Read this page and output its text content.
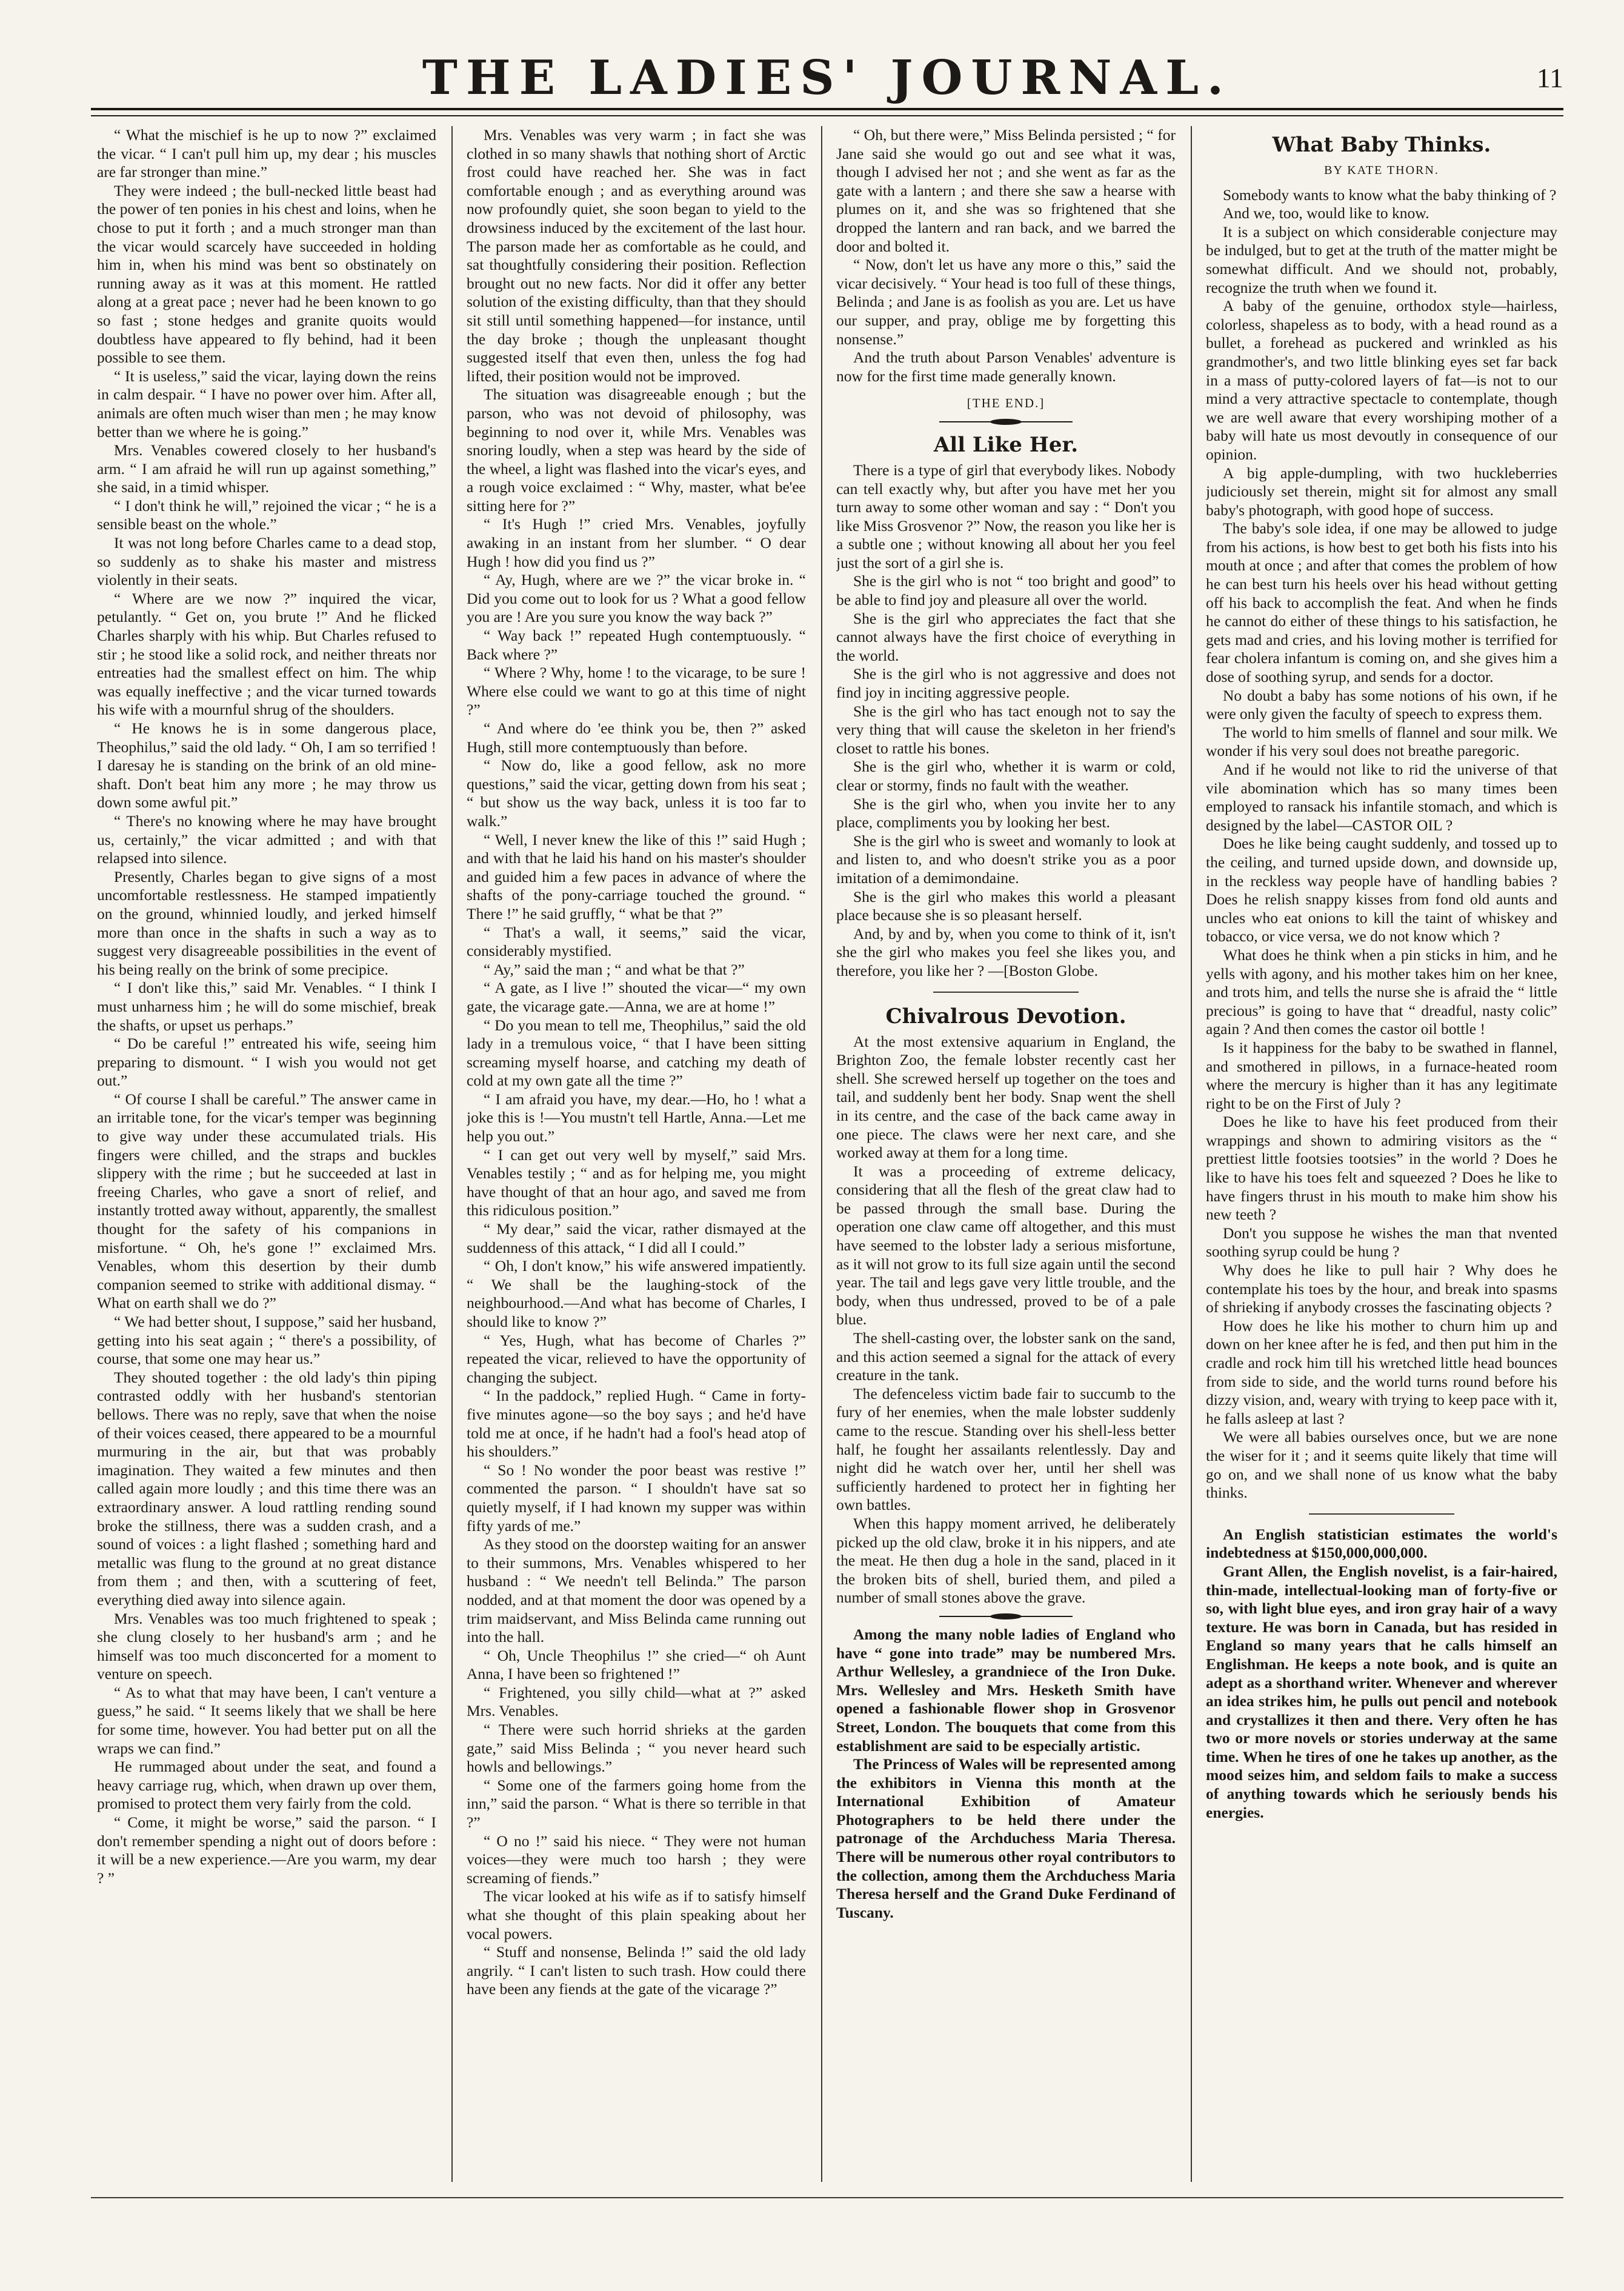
THE LADIES' JOURNAL.	11

“ What the mischief is he up to now ?” exclaimed the vicar. “ I can't pull him up, my dear ; his muscles are far stronger than mine.”

They were indeed ; the bull-necked little beast had the power of ten ponies in his chest and loins, when he chose to put it forth ; and a much stronger man than the vicar would scarcely have succeeded in holding him in, when his mind was bent so obstinately on running away as it was at this moment. He rattled along at a great pace ; never had he been known to go so fast ; stone hedges and granite quoits would doubtless have appeared to fly behind, had it been possible to see them.

“ It is useless,” said the vicar, laying down the reins in calm despair. “ I have no power over him. After all, animals are often much wiser than men ; he may know better than we where he is going.”

Mrs. Venables cowered closely to her husband's arm. “ I am afraid he will run up against something,” she said, in a timid whisper.

“ I don't think he will,” rejoined the vicar ; “ he is a sensible beast on the whole.”

It was not long before Charles came to a dead stop, so suddenly as to shake his master and mistress violently in their seats.

“ Where are we now ?” inquired the vicar, petulantly. “ Get on, you brute !” And he flicked Charles sharply with his whip. But Charles refused to stir ; he stood like a solid rock, and neither threats nor entreaties had the smallest effect on him. The whip was equally ineffective ; and the vicar turned towards his wife with a mournful shrug of the shoulders.

“ He knows he is in some dangerous place, Theophilus,” said the old lady. “ Oh, I am so terrified ! I daresay he is standing on the brink of an old mine-shaft. Don't beat him any more ; he may throw us down some awful pit.”

“ There's no knowing where he may have brought us, certainly,” the vicar admitted ; and with that relapsed into silence.

Presently, Charles began to give signs of a most uncomfortable restlessness. He stamped impatiently on the ground, whinnied loudly, and jerked himself more than once in the shafts in such a way as to suggest very disagreeable possibilities in the event of his being really on the brink of some precipice.

“ I don't like this,” said Mr. Venables. “ I think I must unharness him ; he will do some mischief, break the shafts, or upset us perhaps.”

“ Do be careful !” entreated his wife, seeing him preparing to dismount. “ I wish you would not get out.”

“ Of course I shall be careful.” The answer came in an irritable tone, for the vicar's temper was beginning to give way under these accumulated trials. His fingers were chilled, and the straps and buckles slippery with the rime ; but he succeeded at last in freeing Charles, who gave a snort of relief, and instantly trotted away without, apparently, the smallest thought for the safety of his companions in misfortune. “ Oh, he's gone !” exclaimed Mrs. Venables, whom this desertion by their dumb companion seemed to strike with additional dismay. “ What on earth shall we do ?”

“ We had better shout, I suppose,” said her husband, getting into his seat again ; “ there's a possibility, of course, that some one may hear us.”

They shouted together : the old lady's thin piping contrasted oddly with her husband's stentorian bellows. There was no reply, save that when the noise of their voices ceased, there appeared to be a mournful murmuring in the air, but that was probably imagination. They waited a few minutes and then called again more loudly ; and this time there was an extraordinary answer. A loud rattling rending sound broke the stillness, there was a sudden crash, and a sound of voices : a light flashed ; something hard and metallic was flung to the ground at no great distance from them ; and then, with a scuttering of feet, everything died away into silence again.

Mrs. Venables was too much frightened to speak ; she clung closely to her husband's arm ; and he himself was too much disconcerted for a moment to venture on speech.

“ As to what that may have been, I can't venture a guess,” he said. “ It seems likely that we shall be here for some time, however. You had better put on all the wraps we can find.”

He rummaged about under the seat, and found a heavy carriage rug, which, when drawn up over them, promised to protect them very fairly from the cold.

“ Come, it might be worse,” said the parson. “ I don't remember spending a night out of doors before : it will be a new experience.—Are you warm, my dear ? ”

Mrs. Venables was very warm ; in fact she was clothed in so many shawls that nothing short of Arctic frost could have reached her. She was in fact comfortable enough ; and as everything around was now profoundly quiet, she soon began to yield to the drowsiness induced by the excitement of the last hour. The parson made her as comfortable as he could, and sat thoughtfully considering their position. Reflection brought out no new facts. Nor did it offer any better solution of the existing difficulty, than that they should sit still until something happened—for instance, until the day broke ; though the unpleasant thought suggested itself that even then, unless the fog had lifted, their position would not be improved.

The situation was disagreeable enough ; but the parson, who was not devoid of philosophy, was beginning to nod over it, while Mrs. Venables was snoring loudly, when a step was heard by the side of the wheel, a light was flashed into the vicar's eyes, and a rough voice exclaimed : “ Why, master, what be'ee sitting here for ?”

“ It's Hugh !” cried Mrs. Venables, joyfully awaking in an instant from her slumber. “ O dear Hugh ! how did you find us ?”

“ Ay, Hugh, where are we ?” the vicar broke in. “ Did you come out to look for us ? What a good fellow you are ! Are you sure you know the way back ?”

“ Way back !” repeated Hugh contemptuously. “ Back where ?”

“ Where ? Why, home ! to the vicarage, to be sure ! Where else could we want to go at this time of night ?”

“ And where do 'ee think you be, then ?” asked Hugh, still more contemptuously than before.

“ Now do, like a good fellow, ask no more questions,” said the vicar, getting down from his seat ; “ but show us the way back, unless it is too far to walk.”

“ Well, I never knew the like of this !” said Hugh ; and with that he laid his hand on his master's shoulder and guided him a few paces in advance of where the shafts of the pony-carriage touched the ground. “ There !” he said gruffly, “ what be that ?”

“ That's a wall, it seems,” said the vicar, considerably mystified.

“ Ay,” said the man ; “ and what be that ?”

“ A gate, as I live !” shouted the vicar—“ my own gate, the vicarage gate.—Anna, we are at home !”

“ Do you mean to tell me, Theophilus,” said the old lady in a tremulous voice, “ that I have been sitting screaming myself hoarse, and catching my death of cold at my own gate all the time ?”

“ I am afraid you have, my dear.—Ho, ho ! what a joke this is !—You mustn't tell Hartle, Anna.—Let me help you out.”

“ I can get out very well by myself,” said Mrs. Venables testily ; “ and as for helping me, you might have thought of that an hour ago, and saved me from this ridiculous position.”

“ My dear,” said the vicar, rather dismayed at the suddenness of this attack, “ I did all I could.”

“ Oh, I don't know,” his wife answered impatiently. “ We shall be the laughing-stock of the neighbourhood.—And what has become of Charles, I should like to know ?”

“ Yes, Hugh, what has become of Charles ?” repeated the vicar, relieved to have the opportunity of changing the subject.

“ In the paddock,” replied Hugh. “ Came in forty-five minutes agone—so the boy says ; and he'd have told me at once, if he hadn't had a fool's head atop of his shoulders.”

“ So ! No wonder the poor beast was restive !” commented the parson. “ I shouldn't have sat so quietly myself, if I had known my supper was within fifty yards of me.”

As they stood on the doorstep waiting for an answer to their summons, Mrs. Venables whispered to her husband : “ We needn't tell Belinda.” The parson nodded, and at that moment the door was opened by a trim maidservant, and Miss Belinda came running out into the hall.

“ Oh, Uncle Theophilus !” she cried—“ oh Aunt Anna, I have been so frightened !”

“ Frightened, you silly child—what at ?” asked Mrs. Venables.

“ There were such horrid shrieks at the garden gate,” said Miss Belinda ; “ you never heard such howls and bellowings.”

“ Some one of the farmers going home from the inn,” said the parson. “ What is there so terrible in that ?”

“ O no !” said his niece. “ They were not human voices—they were much too harsh ; they were screaming of fiends.”

The vicar looked at his wife as if to satisfy himself what she thought of this plain speaking about her vocal powers.

“ Stuff and nonsense, Belinda !” said the old lady angrily. “ I can't listen to such trash. How could there have been any fiends at the gate of the vicarage ?”

“ Oh, but there were,” Miss Belinda persisted ; “ for Jane said she would go out and see what it was, though I advised her not ; and she went as far as the gate with a lantern ; and there she saw a hearse with plumes on it, and she was so frightened that she dropped the lantern and ran back, and we barred the door and bolted it.

“ Now, don't let us have any more o this,” said the vicar decisively. “ Your head is too full of these things, Belinda ; and Jane is as foolish as you are. Let us have our supper, and pray, oblige me by forgetting this nonsense.”

And the truth about Parson Venables' adventure is now for the first time made generally known.

[THE END.]
All Like Her.

There is a type of girl that everybody likes. Nobody can tell exactly why, but after you have met her you turn away to some other woman and say : “ Don't you like Miss Grosvenor ?” Now, the reason you like her is a subtle one ; without knowing all about her you feel just the sort of a girl she is.

She is the girl who is not “ too bright and good” to be able to find joy and pleasure all over the world.

She is the girl who appreciates the fact that she cannot always have the first choice of everything in the world.

She is the girl who is not aggressive and does not find joy in inciting aggressive people.

She is the girl who has tact enough not to say the very thing that will cause the skeleton in her friend's closet to rattle his bones.

She is the girl who, whether it is warm or cold, clear or stormy, finds no fault with the weather.

She is the girl who, when you invite her to any place, compliments you by looking her best.

She is the girl who is sweet and womanly to look at and listen to, and who doesn't strike you as a poor imitation of a demimondaine.

She is the girl who makes this world a pleasant place because she is so pleasant herself.

And, by and by, when you come to think of it, isn't she the girl who makes you feel she likes you, and therefore, you like her ? —[Boston Globe.

Chivalrous Devotion.

At the most extensive aquarium in England, the Brighton Zoo, the female lobster recently cast her shell. She screwed herself up together on the toes and tail, and suddenly bent her body. Snap went the shell in its centre, and the case of the back came away in one piece. The claws were her next care, and she worked away at them for a long time.

It was a proceeding of extreme delicacy, considering that all the flesh of the great claw had to be passed through the small base. During the operation one claw came off altogether, and this must have seemed to the lobster lady a serious misfortune, as it will not grow to its full size again until the second year. The tail and legs gave very little trouble, and the body, when thus undressed, proved to be of a pale blue.

The shell-casting over, the lobster sank on the sand, and this action seemed a signal for the attack of every creature in the tank.

The defenceless victim bade fair to succumb to the fury of her enemies, when the male lobster suddenly came to the rescue. Standing over his shell-less better half, he fought her assailants relentlessly. Day and night did he watch over her, until her shell was sufficiently hardened to protect her in fighting her own battles.

When this happy moment arrived, he deliberately picked up the old claw, broke it in his nippers, and ate the meat. He then dug a hole in the sand, placed in it the broken bits of shell, buried them, and piled a number of small stones above the grave.

Among the many noble ladies of England who have “ gone into trade” may be numbered Mrs. Arthur Wellesley, a grandniece of the Iron Duke. Mrs. Wellesley and Mrs. Hesketh Smith have opened a fashionable flower shop in Grosvenor Street, London. The bouquets that come from this establishment are said to be especially artistic.

The Princess of Wales will be represented among the exhibitors in Vienna this month at the International Exhibition of Amateur Photographers to be held there under the patronage of the Archduchess Maria Theresa. There will be numerous other royal contributors to the collection, among them the Archduchess Maria Theresa herself and the Grand Duke Ferdinand of Tuscany.

What Baby Thinks.
BY KATE THORN.

Somebody wants to know what the baby thinking of ?

And we, too, would like to know.

It is a subject on which considerable conjecture may be indulged, but to get at the truth of the matter might be somewhat difficult. And we should not, probably, recognize the truth when we found it.

A baby of the genuine, orthodox style—hairless, colorless, shapeless as to body, with a head round as a bullet, a forehead as puckered and wrinkled as his grandmother's, and two little blinking eyes set far back in a mass of putty-colored layers of fat—is not to our mind a very attractive spectacle to contemplate, though we are well aware that every worshiping mother of a baby will hate us most devoutly in consequence of our opinion.

A big apple-dumpling, with two huckleberries judiciously set therein, might sit for almost any small baby's photograph, with good hope of success.

The baby's sole idea, if one may be allowed to judge from his actions, is how best to get both his fists into his mouth at once ; and after that comes the problem of how he can best turn his heels over his head without getting off his back to accomplish the feat. And when he finds he cannot do either of these things to his satisfaction, he gets mad and cries, and his loving mother is terrified for fear cholera infantum is coming on, and she gives him a dose of soothing syrup, and sends for a doctor.

No doubt a baby has some notions of his own, if he were only given the faculty of speech to express them.

The world to him smells of flannel and sour milk. We wonder if his very soul does not breathe paregoric.

And if he would not like to rid the universe of that vile abomination which has so many times been employed to ransack his infantile stomach, and which is designed by the label—CASTOR OIL ?

Does he like being caught suddenly, and tossed up to the ceiling, and turned upside down, and downside up, in the reckless way people have of handling babies ? Does he relish snappy kisses from fond old aunts and uncles who eat onions to kill the taint of whiskey and tobacco, or vice versa, we do not know which ?

What does he think when a pin sticks in him, and he yells with agony, and his mother takes him on her knee, and trots him, and tells the nurse she is afraid the “ little precious” is going to have that “ dreadful, nasty colic” again ? And then comes the castor oil bottle !

Is it happiness for the baby to be swathed in flannel, and smothered in pillows, in a furnace-heated room where the mercury is higher than it has any legitimate right to be on the First of July ?

Does he like to have his feet produced from their wrappings and shown to admiring visitors as the “ prettiest little footsies tootsies” in the world ? Does he like to have his toes felt and squeezed ? Does he like to have fingers thrust in his mouth to make him show his new teeth ?

Don't you suppose he wishes the man that nvented soothing syrup could be hung ?

Why does he like to pull hair ? Why does he contemplate his toes by the hour, and break into spasms of shrieking if anybody crosses the fascinating objects ?

How does he like his mother to churn him up and down on her knee after he is fed, and then put him in the cradle and rock him till his wretched little head bounces from side to side, and the world turns round before his dizzy vision, and, weary with trying to keep pace with it, he falls asleep at last ?

We were all babies ourselves once, but we are none the wiser for it ; and it seems quite likely that time will go on, and we shall none of us know what the baby thinks.

An English statistician estimates the world's indebtedness at $150,000,000,000.

Grant Allen, the English novelist, is a fair-haired, thin-made, intellectual-looking man of forty-five or so, with light blue eyes, and iron gray hair of a wavy texture. He was born in Canada, but has resided in England so many years that he calls himself an Englishman. He keeps a note book, and is quite an adept as a shorthand writer. Whenever and wherever an idea strikes him, he pulls out pencil and notebook and crystallizes it then and there. Very often he has two or more novels or stories underway at the same time. When he tires of one he takes up another, as the mood seizes him, and seldom fails to make a success of anything towards which he seriously bends his energies.
